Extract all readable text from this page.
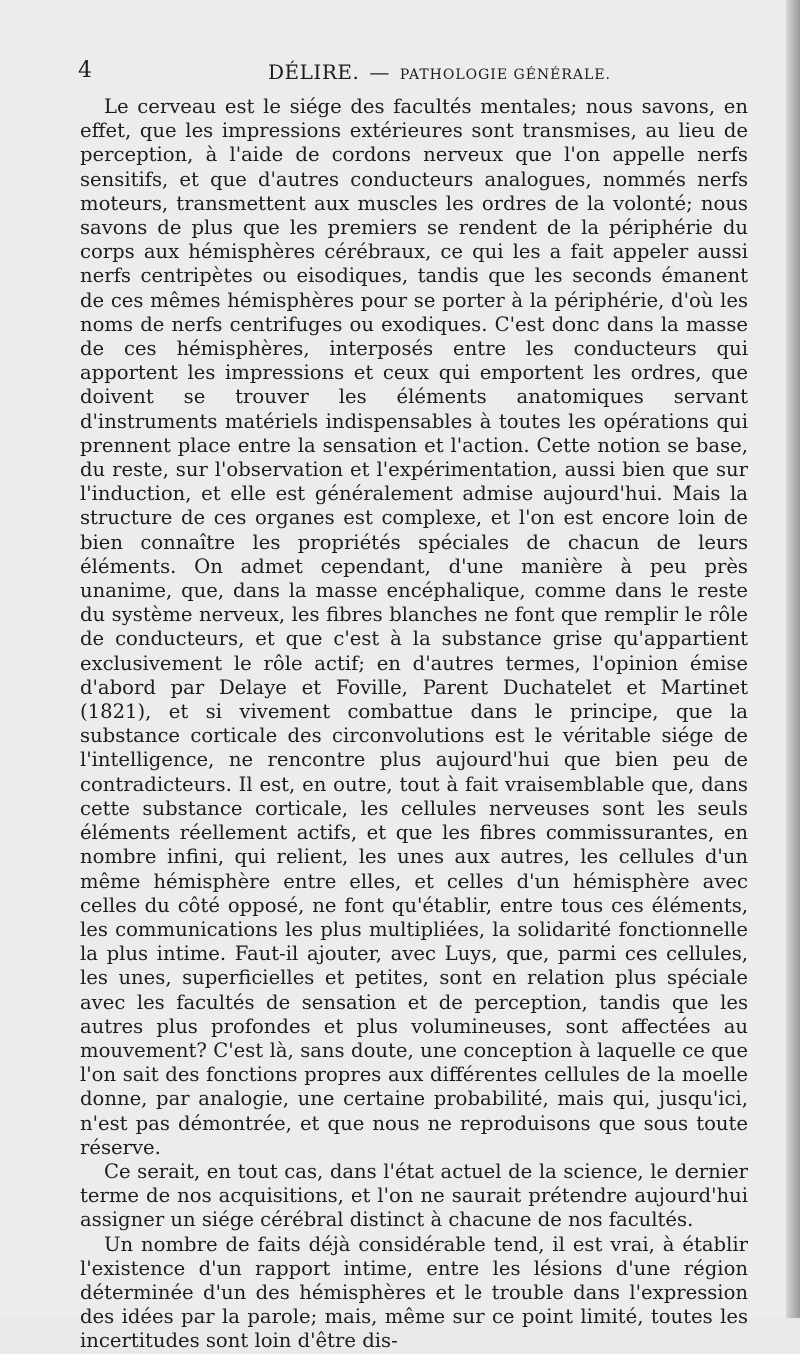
4	DÉLIRE. — PATHOLOGIE GÉNÉRALE.

Le cerveau est le siége des facultés mentales; nous savons, en effet, que les impressions extérieures sont transmises, au lieu de perception, à l'aide de cordons nerveux que l'on appelle nerfs sensitifs, et que d'autres conducteurs analogues, nommés nerfs moteurs, transmettent aux muscles les ordres de la volonté; nous savons de plus que les premiers se rendent de la périphérie du corps aux hémisphères cérébraux, ce qui les a fait appeler aussi nerfs centripètes ou eisodiques, tandis que les seconds émanent de ces mêmes hémisphères pour se porter à la périphérie, d'où les noms de nerfs centrifuges ou exodiques. C'est donc dans la masse de ces hémisphères, interposés entre les conducteurs qui apportent les impressions et ceux qui emportent les ordres, que doivent se trouver les éléments anatomiques servant d'instruments matériels indispensables à toutes les opérations qui prennent place entre la sensation et l'action. Cette notion se base, du reste, sur l'observation et l'expérimentation, aussi bien que sur l'induction, et elle est généralement admise aujourd'hui. Mais la structure de ces organes est complexe, et l'on est encore loin de bien connaître les propriétés spéciales de chacun de leurs éléments. On admet cependant, d'une manière à peu près unanime, que, dans la masse encéphalique, comme dans le reste du système nerveux, les fibres blanches ne font que remplir le rôle de conducteurs, et que c'est à la substance grise qu'appartient exclusivement le rôle actif; en d'autres termes, l'opinion émise d'abord par Delaye et Foville, Parent Duchatelet et Martinet (1821), et si vivement combattue dans le principe, que la substance corticale des circonvolutions est le véritable siége de l'intelligence, ne rencontre plus aujourd'hui que bien peu de contradicteurs. Il est, en outre, tout à fait vraisemblable que, dans cette substance corticale, les cellules nerveuses sont les seuls éléments réellement actifs, et que les fibres commissurantes, en nombre infini, qui relient, les unes aux autres, les cellules d'un même hémisphère entre elles, et celles d'un hémisphère avec celles du côté opposé, ne font qu'établir, entre tous ces éléments, les communications les plus multipliées, la solidarité fonctionnelle la plus intime. Faut-il ajouter, avec Luys, que, parmi ces cellules, les unes, superficielles et petites, sont en relation plus spéciale avec les facultés de sensation et de perception, tandis que les autres plus profondes et plus volumineuses, sont affectées au mouvement? C'est là, sans doute, une conception à laquelle ce que l'on sait des fonctions propres aux différentes cellules de la moelle donne, par analogie, une certaine probabilité, mais qui, jusqu'ici, n'est pas démontrée, et que nous ne reproduisons que sous toute réserve.

Ce serait, en tout cas, dans l'état actuel de la science, le dernier terme de nos acquisitions, et l'on ne saurait prétendre aujourd'hui assigner un siége cérébral distinct à chacune de nos facultés.

Un nombre de faits déjà considérable tend, il est vrai, à établir l'existence d'un rapport intime, entre les lésions d'une région déterminée d'un des hémisphères et le trouble dans l'expression des idées par la parole; mais, même sur ce point limité, toutes les incertitudes sont loin d'être dis-
